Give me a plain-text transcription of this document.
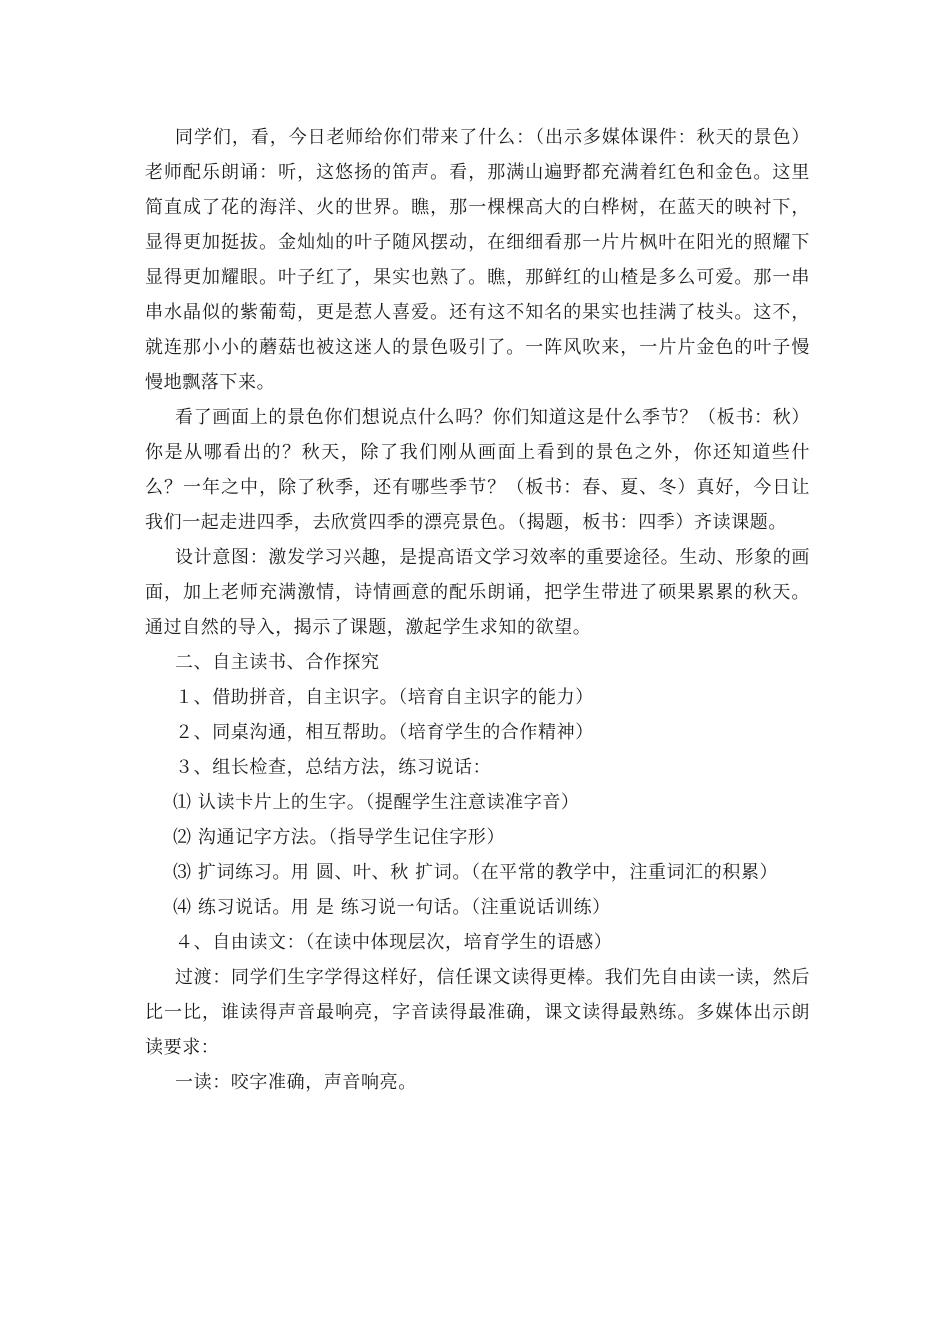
同学们，看，今日老师给你们带来了什么：（出示多媒体课件：秋天的景色）老师配乐朗诵：听，这悠扬的笛声。看，那满山遍野都充满着红色和金色。这里简直成了花的海洋、火的世界。瞧，那一棵棵高大的白桦树，在蓝天的映衬下，显得更加挺拔。金灿灿的叶子随风摆动，在细细看那一片片枫叶在阳光的照耀下显得更加耀眼。叶子红了，果实也熟了。瞧，那鲜红的山楂是多么可爱。那一串串水晶似的紫葡萄，更是惹人喜爱。还有这不知名的果实也挂满了枝头。这不，就连那小小的蘑菇也被这迷人的景色吸引了。一阵风吹来，一片片金色的叶子慢慢地飘落下来。

看了画面上的景色你们想说点什么吗？你们知道这是什么季节？（板书：秋）你是从哪看出的？秋天，除了我们刚从画面上看到的景色之外，你还知道些什么？一年之中，除了秋季，还有哪些季节？（板书：春、夏、冬）真好，今日让我们一起走进四季，去欣赏四季的漂亮景色。（揭题，板书：四季）齐读课题。

设计意图：激发学习兴趣，是提高语文学习效率的重要途径。生动、形象的画面，加上老师充满激情，诗情画意的配乐朗诵，把学生带进了硕果累累的秋天。通过自然的导入，揭示了课题，激起学生求知的欲望。

二、自主读书、合作探究

１、借助拼音，自主识字。（培育自主识字的能力）

２、同桌沟通，相互帮助。（培育学生的合作精神）

３、组长检查，总结方法，练习说话：

⑴ 认读卡片上的生字。（提醒学生注意读准字音）

⑵ 沟通记字方法。（指导学生记住字形）

⑶ 扩词练习。用 圆、叶、秋 扩词。（在平常的教学中，注重词汇的积累）

⑷ 练习说话。用 是 练习说一句话。（注重说话训练）

４、自由读文：（在读中体现层次，培育学生的语感）

过渡：同学们生字学得这样好，信任课文读得更棒。我们先自由读一读，然后比一比，谁读得声音最响亮，字音读得最准确，课文读得最熟练。多媒体出示朗读要求：

一读：咬字准确，声音响亮。
